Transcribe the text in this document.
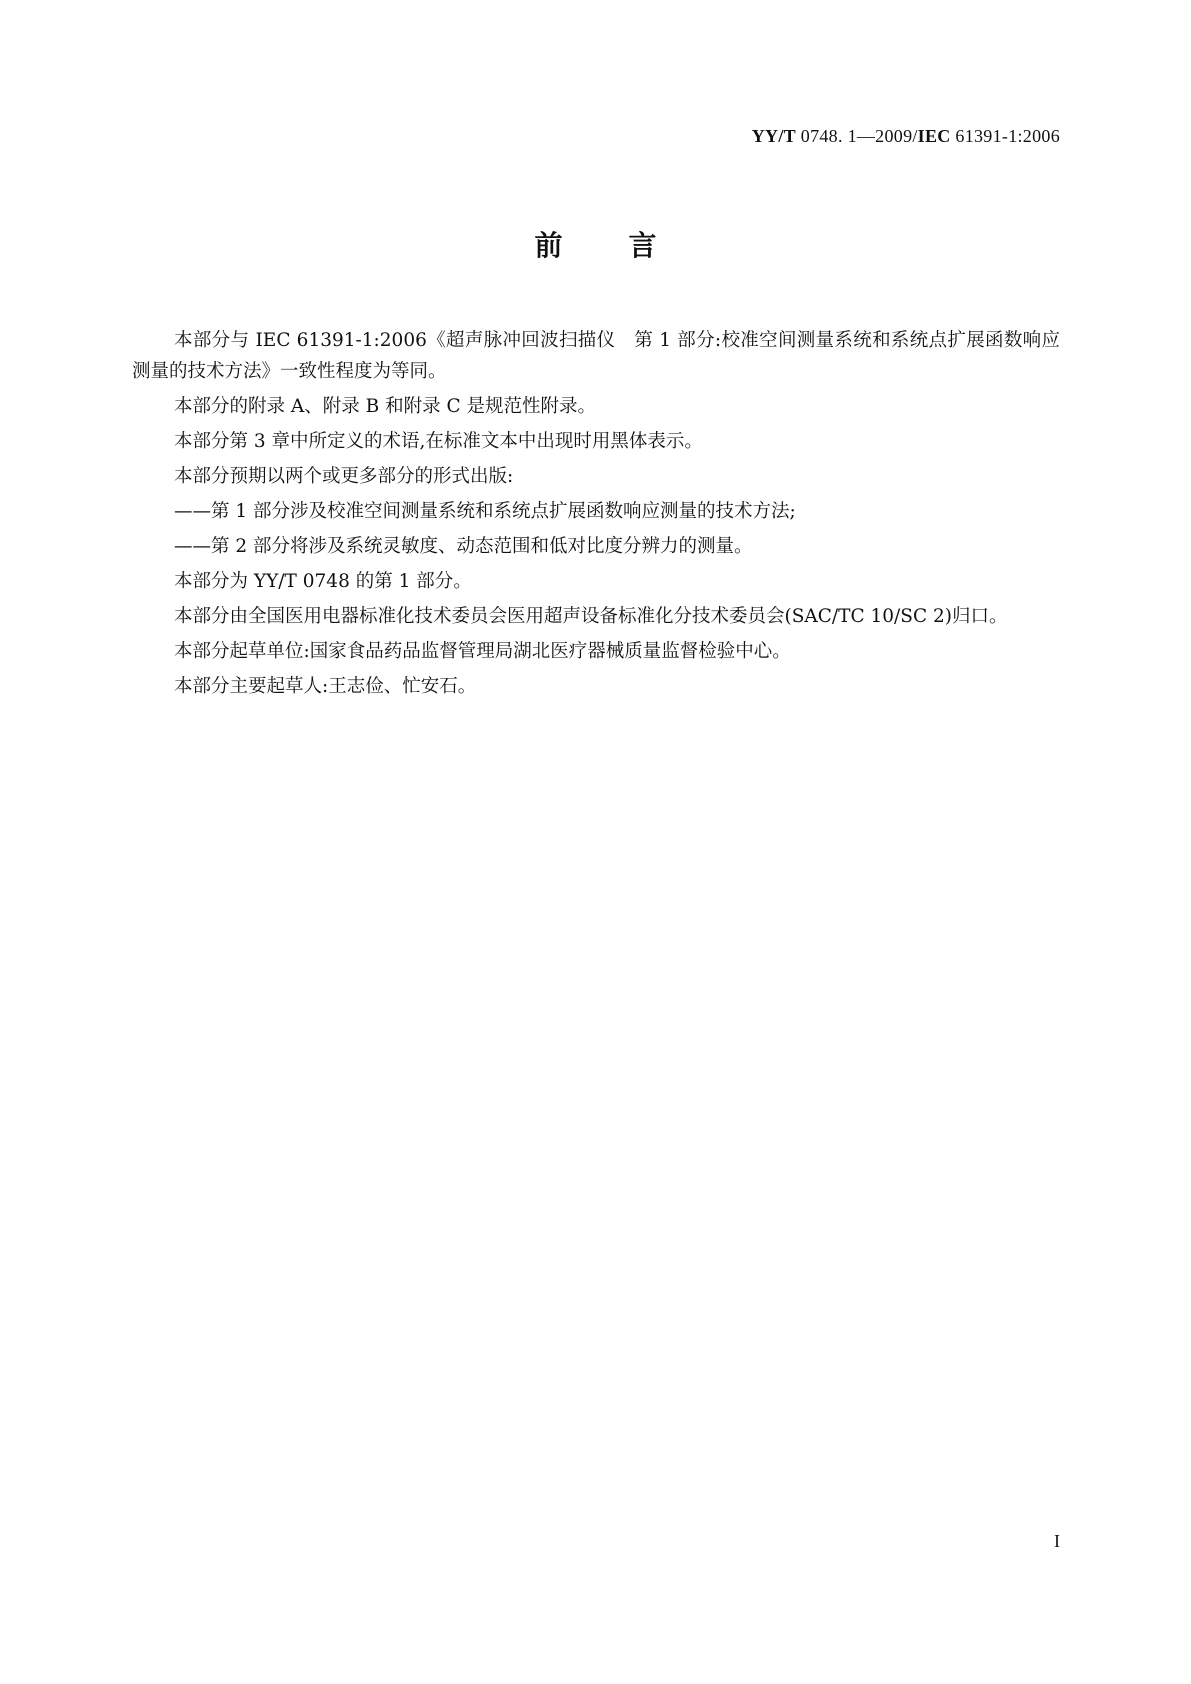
YY/T 0748. 1—2009/IEC 61391-1:2006
前言

本部分与 IEC 61391-1:2006《超声脉冲回波扫描仪　第 1 部分:校准空间测量系统和系统点扩展函数响应测量的技术方法》一致性程度为等同。

本部分的附录 A、附录 B 和附录 C 是规范性附录。

本部分第 3 章中所定义的术语,在标准文本中出现时用黑体表示。

本部分预期以两个或更多部分的形式出版:

——第 1 部分涉及校准空间测量系统和系统点扩展函数响应测量的技术方法;

——第 2 部分将涉及系统灵敏度、动态范围和低对比度分辨力的测量。

本部分为 YY/T 0748 的第 1 部分。

本部分由全国医用电器标准化技术委员会医用超声设备标准化分技术委员会(SAC/TC 10/SC 2)归口。

本部分起草单位:国家食品药品监督管理局湖北医疗器械质量监督检验中心。

本部分主要起草人:王志俭、忙安石。

I
